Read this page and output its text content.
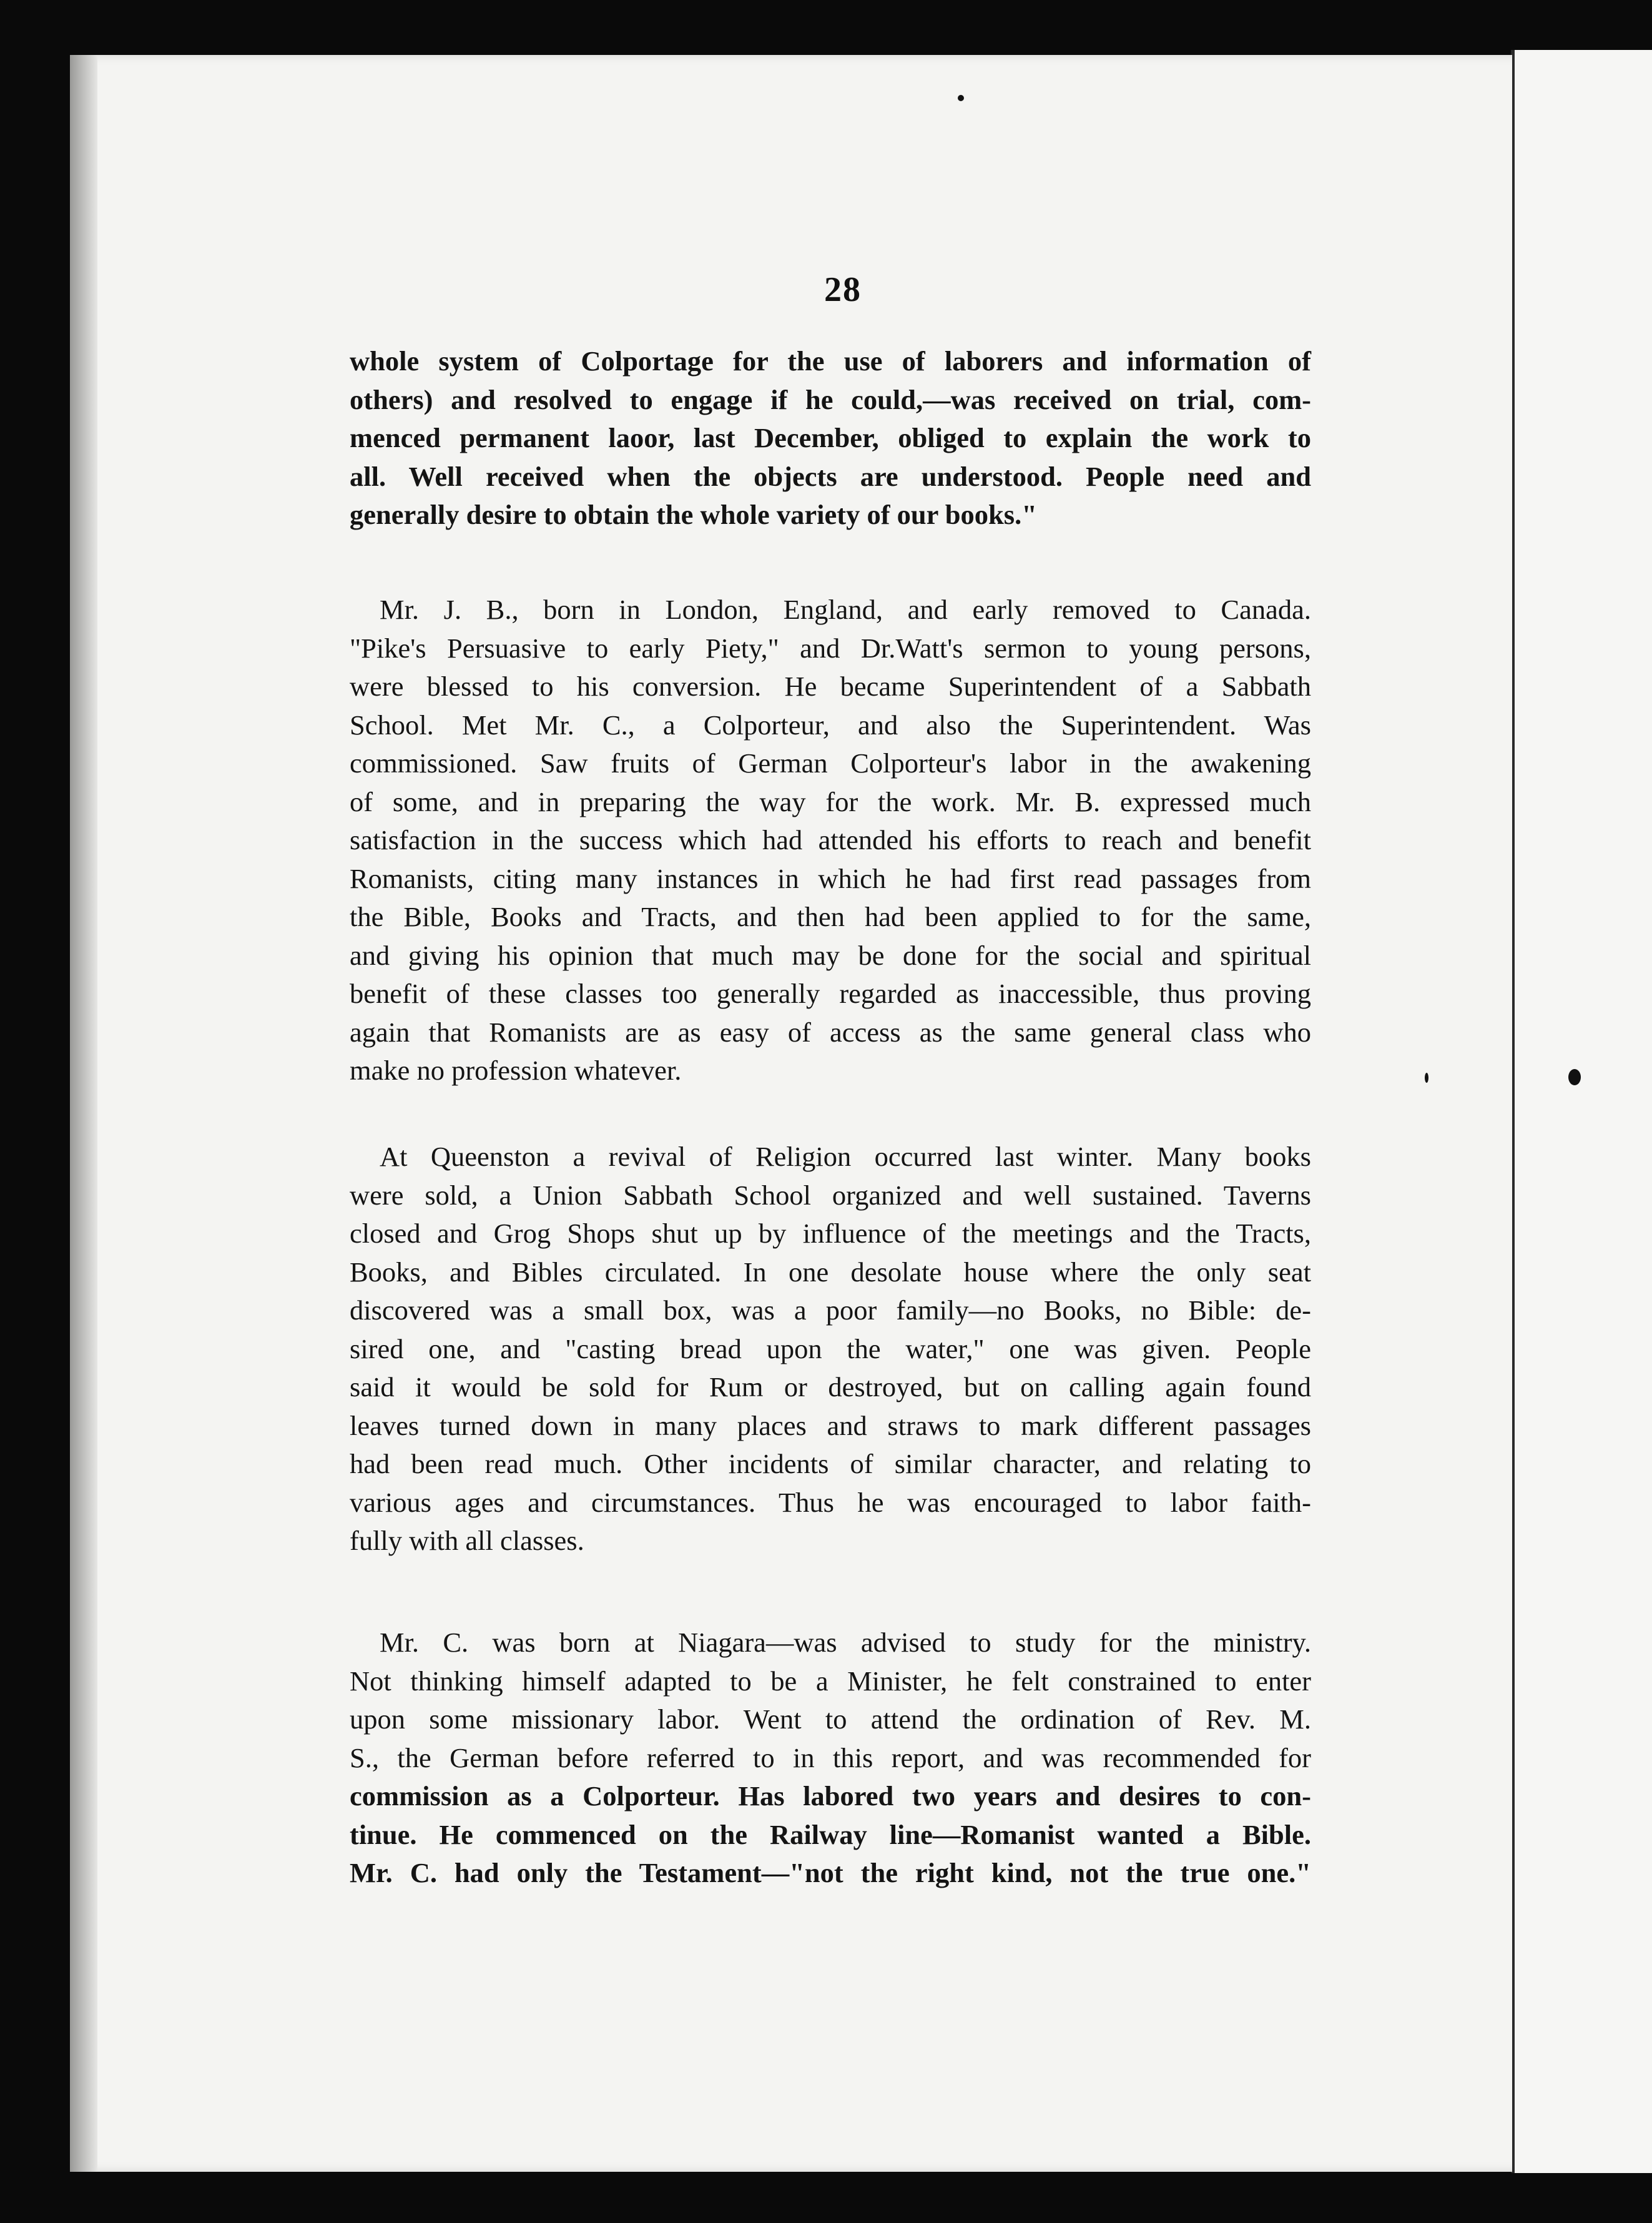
28
whole system of Colportage for the use of laborers and information of
others) and resolved to engage if he could,—was received on trial, com-
menced permanent laoor, last December, obliged to explain the work to
all. Well received when the objects are understood. People need and
generally desire to obtain the whole variety of our books."
Mr. J. B., born in London, England, and early removed to Canada.
"Pike's Persuasive to early Piety," and Dr.Watt's sermon to young persons,
were blessed to his conversion. He became Superintendent of a Sabbath
School. Met Mr. C., a Colporteur, and also the Superintendent. Was
commissioned. Saw fruits of German Colporteur's labor in the awakening
of some, and in preparing the way for the work. Mr. B. expressed much
satisfaction in the success which had attended his efforts to reach and benefit
Romanists, citing many instances in which he had first read passages from
the Bible, Books and Tracts, and then had been applied to for the same,
and giving his opinion that much may be done for the social and spiritual
benefit of these classes too generally regarded as inaccessible, thus proving
again that Romanists are as easy of access as the same general class who
make no profession whatever.
At Queenston a revival of Religion occurred last winter. Many books
were sold, a Union Sabbath School organized and well sustained. Taverns
closed and Grog Shops shut up by influence of the meetings and the Tracts,
Books, and Bibles circulated. In one desolate house where the only seat
discovered was a small box, was a poor family—no Books, no Bible: de-
sired one, and "casting bread upon the water," one was given. People
said it would be sold for Rum or destroyed, but on calling again found
leaves turned down in many places and straws to mark different passages
had been read much. Other incidents of similar character, and relating to
various ages and circumstances. Thus he was encouraged to labor faith-
fully with all classes.
Mr. C. was born at Niagara—was advised to study for the ministry.
Not thinking himself adapted to be a Minister, he felt constrained to enter
upon some missionary labor. Went to attend the ordination of Rev. M.
S., the German before referred to in this report, and was recommended for
commission as a Colporteur. Has labored two years and desires to con-
tinue. He commenced on the Railway line—Romanist wanted a Bible.
Mr. C. had only the Testament—"not the right kind, not the true one."
